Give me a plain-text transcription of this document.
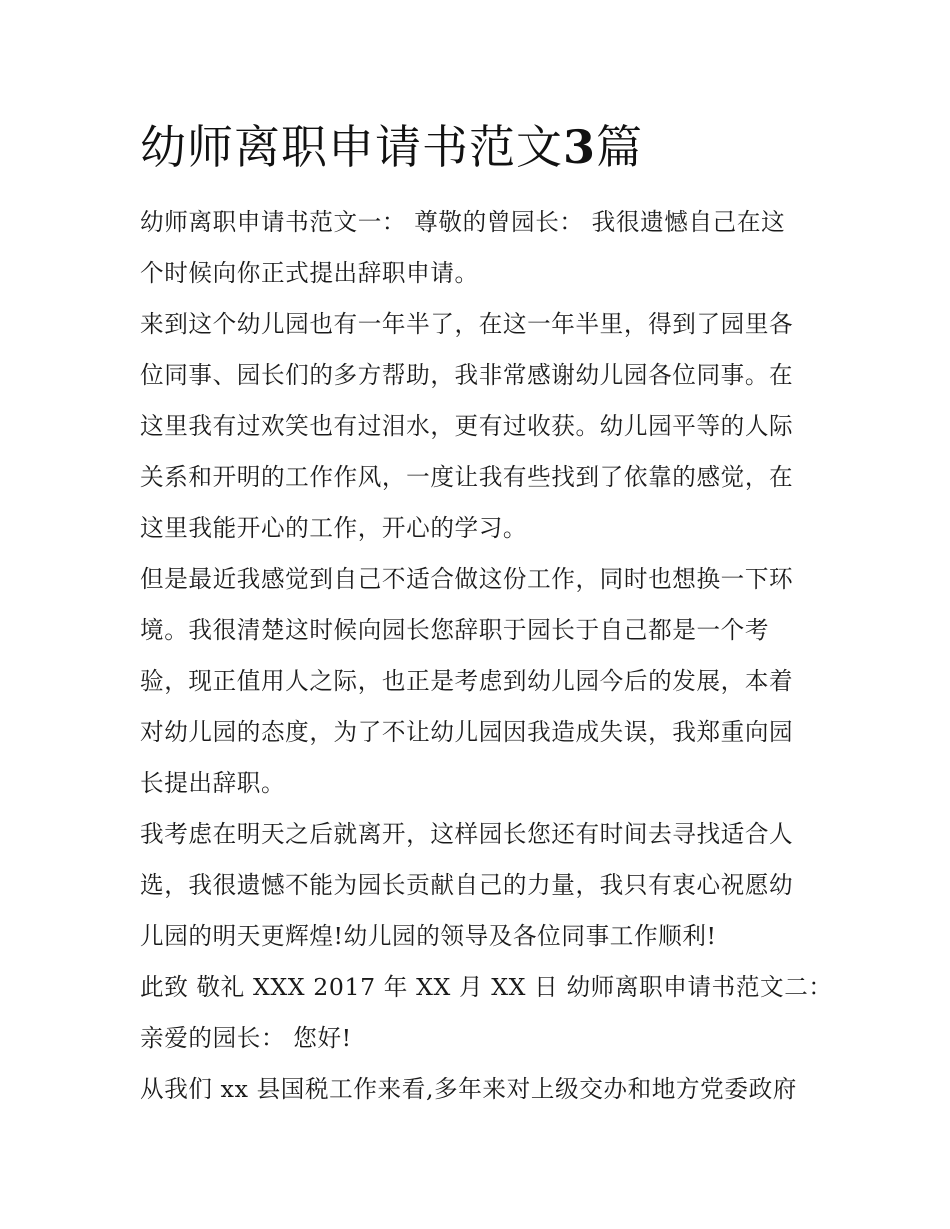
幼师离职申请书范文3篇

幼师离职申请书范文一： 尊敬的曾园长： 我很遗憾自己在这
个时候向你正式提出辞职申请。

来到这个幼儿园也有一年半了，在这一年半里，得到了园里各
位同事、园长们的多方帮助，我非常感谢幼儿园各位同事。在
这里我有过欢笑也有过泪水，更有过收获。幼儿园平等的人际
关系和开明的工作作风，一度让我有些找到了依靠的感觉，在
这里我能开心的工作，开心的学习。

但是最近我感觉到自己不适合做这份工作，同时也想换一下环
境。我很清楚这时候向园长您辞职于园长于自己都是一个考
验，现正值用人之际，也正是考虑到幼儿园今后的发展，本着
对幼儿园的态度，为了不让幼儿园因我造成失误，我郑重向园
长提出辞职。

我考虑在明天之后就离开，这样园长您还有时间去寻找适合人
选，我很遗憾不能为园长贡献自己的力量，我只有衷心祝愿幼
儿园的明天更辉煌!幼儿园的领导及各位同事工作顺利!

此致 敬礼 XXX 2017 年 XX 月 XX 日 幼师离职申请书范文二：

亲爱的园长： 您好!

从我们 xx 县国税工作来看,多年来对上级交办和地方党委政府
